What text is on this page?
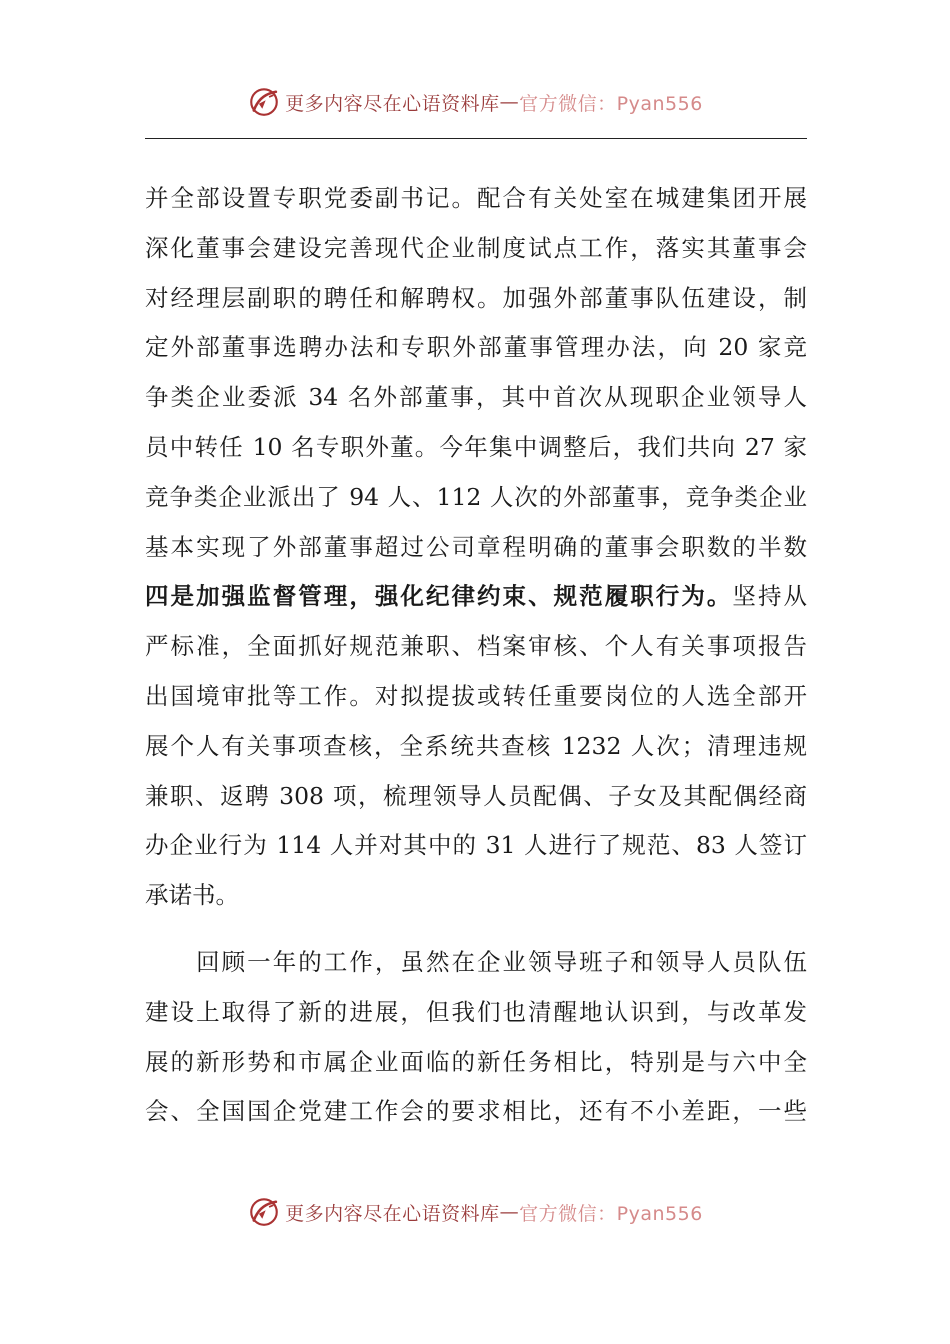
更多内容尽在心语资料库 — 官方微信：Pyan556

并全部设置专职党委副书记。配合有关处室在城建集团开展
深化董事会建设完善现代企业制度试点工作，落实其董事会
对经理层副职的聘任和解聘权。加强外部董事队伍建设，制
定外部董事选聘办法和专职外部董事管理办法，向 20 家竞
争类企业委派 34 名外部董事，其中首次从现职企业领导人
员中转任 10 名专职外董。今年集中调整后，我们共向 27 家
竞争类企业派出了 94 人、112 人次的外部董事，竞争类企业
基本实现了外部董事超过公司章程明确的董事会职数的半数
四是加强监督管理，强化纪律约束、规范履职行为。坚持从
严标准，全面抓好规范兼职、档案审核、个人有关事项报告
出国境审批等工作。对拟提拔或转任重要岗位的人选全部开
展个人有关事项查核，全系统共查核 1232 人次；清理违规
兼职、返聘 308 项，梳理领导人员配偶、子女及其配偶经商
办企业行为 114 人并对其中的 31 人进行了规范、83 人签订
承诺书。

　　回顾一年的工作，虽然在企业领导班子和领导人员队伍
建设上取得了新的进展，但我们也清醒地认识到，与改革发
展的新形势和市属企业面临的新任务相比，特别是与六中全
会、全国国企党建工作会的要求相比，还有不小差距，一些

更多内容尽在心语资料库 — 官方微信：Pyan556
